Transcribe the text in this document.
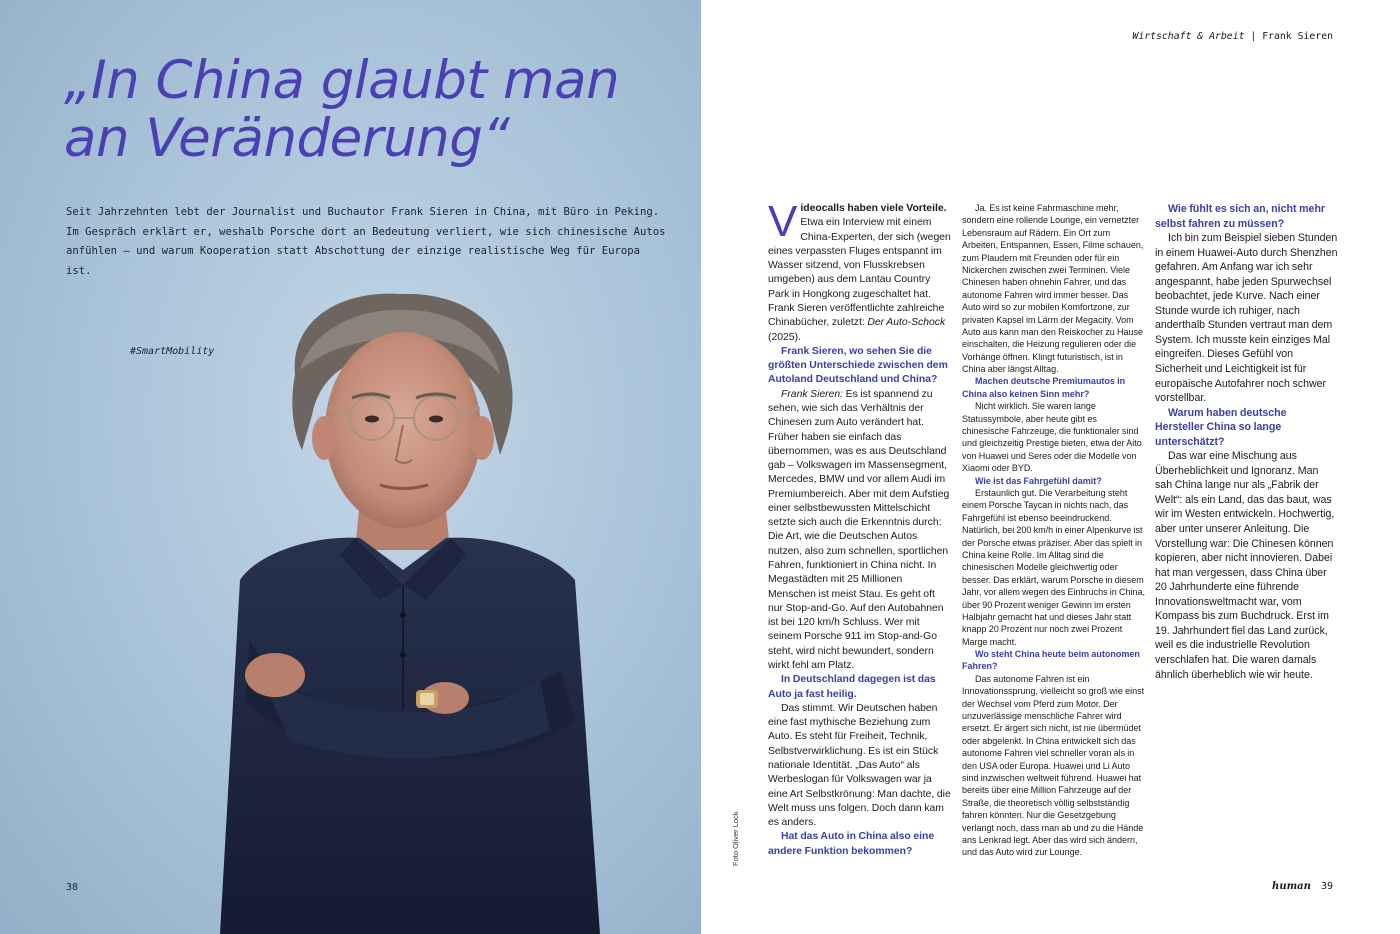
„In China glaubt man
an Veränderung“
Seit Jahrzehnten lebt der Journalist und Buchautor Frank Sieren in China, mit Büro in Peking.
Im Gespräch erklärt er, weshalb Porsche dort an Bedeutung verliert, wie sich chinesische Autos
anfühlen – und warum Kooperation statt Abschottung der einzige realistische Weg für Europa ist.
#SmartMobility
38
Wirtschaft & Arbeit | Frank Sieren
Foto Oliver Lock

Videocalls haben viele Vorteile. Etwa ein Interview mit einem China-Experten, der sich (wegen eines verpassten Fluges entspannt im Wasser sitzend, von Flusskrebsen umgeben) aus dem Lantau Country Park in Hongkong zugeschaltet hat. Frank Sieren veröffentlichte zahlreiche Chinabücher, zuletzt: Der Auto-Schock (2025).

Frank Sieren, wo sehen Sie die größten Unterschiede zwischen dem Autoland Deutschland und China?

Frank Sieren: Es ist spannend zu sehen, wie sich das Verhältnis der Chinesen zum Auto verändert hat. Früher haben sie einfach das übernommen, was es aus Deutschland gab – Volkswagen im Massensegment, Mercedes, BMW und vor allem Audi im Premiumbereich. Aber mit dem Aufstieg einer selbstbewussten Mittelschicht setzte sich auch die Erkenntnis durch: Die Art, wie die Deutschen Autos nutzen, also zum schnellen, sportlichen Fahren, funktioniert in China nicht. In Megastädten mit 25 Millionen Menschen ist meist Stau. Es geht oft nur Stop-and-Go. Auf den Autobahnen ist bei 120 km/h Schluss. Wer mit seinem Porsche 911 im Stop-and-Go steht, wird nicht bewundert, sondern wirkt fehl am Platz.

In Deutschland dagegen ist das Auto ja fast heilig.

Das stimmt. Wir Deutschen haben eine fast mythische Beziehung zum Auto. Es steht für Freiheit, Technik, Selbstverwirklichung. Es ist ein Stück nationale Identität. „Das Auto“ als Werbeslogan für Volkswagen war ja eine Art Selbstkrönung: Man dachte, die Welt muss uns folgen. Doch dann kam es anders.

Hat das Auto in China also eine andere Funktion bekommen?

Ja. Es ist keine Fahrmaschine mehr, sondern eine rollende Lounge, ein vernetzter Lebensraum auf Rädern. Ein Ort zum Arbeiten, Entspannen, Essen, Filme schauen, zum Plaudern mit Freunden oder für ein Nickerchen zwischen zwei Terminen. Viele Chinesen haben ohnehin Fahrer, und das autonome Fahren wird immer besser. Das Auto wird so zur mobilen Komfortzone, zur privaten Kapsel im Lärm der Megacity. Vom Auto aus kann man den Reiskocher zu Hause einschalten, die Heizung regulieren oder die Vorhänge öffnen. Klingt futuristisch, ist in China aber längst Alltag.

Machen deutsche Premiumautos in China also keinen Sinn mehr?

Nicht wirklich. Sie waren lange Statussymbole, aber heute gibt es chinesische Fahrzeuge, die funktionaler sind und gleichzeitig Prestige bieten, etwa der Aito von Huawei und Seres oder die Modelle von Xiaomi oder BYD.

Wie ist das Fahrgefühl damit?

Erstaunlich gut. Die Verarbeitung steht einem Porsche Taycan in nichts nach, das Fahrgefühl ist ebenso beeindruckend. Natürlich, bei 200 km/h in einer Alpenkurve ist der Porsche etwas präziser. Aber das spielt in China keine Rolle. Im Alltag sind die chinesischen Modelle gleichwertig oder besser. Das erklärt, warum Porsche in diesem Jahr, vor allem wegen des Einbruchs in China, über 90 Prozent weniger Gewinn im ersten Halbjahr gemacht hat und dieses Jahr statt knapp 20 Prozent nur noch zwei Prozent Marge macht.

Wo steht China heute beim autonomen Fahren?

Das autonome Fahren ist ein Innovationssprung, vielleicht so groß wie einst der Wechsel vom Pferd zum Motor. Der unzuverlässige menschliche Fahrer wird ersetzt. Er ärgert sich nicht, ist nie übermüdet oder abgelenkt. In China entwickelt sich das autonome Fahren viel schneller voran als in den USA oder Europa. Huawei und Li Auto sind inzwischen weltweit führend. Huawei hat bereits über eine Million Fahrzeuge auf der Straße, die theoretisch völlig selbstständig fahren könnten. Nur die Gesetzgebung verlangt noch, dass man ab und zu die Hände ans Lenkrad legt. Aber das wird sich ändern, und das Auto wird zur Lounge.

Wie fühlt es sich an, nicht mehr selbst fahren zu müssen?

Ich bin zum Beispiel sieben Stunden in einem Huawei-Auto durch Shenzhen gefahren. Am Anfang war ich sehr angespannt, habe jeden Spurwechsel beobachtet, jede Kurve. Nach einer Stunde wurde ich ruhiger, nach anderthalb Stunden vertraut man dem System. Ich musste kein einziges Mal eingreifen. Dieses Gefühl von Sicherheit und Leichtigkeit ist für europäische Autofahrer noch schwer vorstellbar.

Warum haben deutsche Hersteller China so lange unterschätzt?

Das war eine Mischung aus Überheblichkeit und Ignoranz. Man sah China lange nur als „Fabrik der Welt“: als ein Land, das das baut, was wir im Westen entwickeln. Hochwertig, aber unter unserer Anleitung. Die Vorstellung war: Die Chinesen können kopieren, aber nicht innovieren. Dabei hat man vergessen, dass China über 20 Jahrhunderte eine führende Innovationsweltmacht war, vom Kompass bis zum Buchdruck. Erst im 19. Jahrhundert fiel das Land zurück, weil es die industrielle Revolution verschlafen hat. Die waren damals ähnlich überheblich wie wir heute.

human 39
